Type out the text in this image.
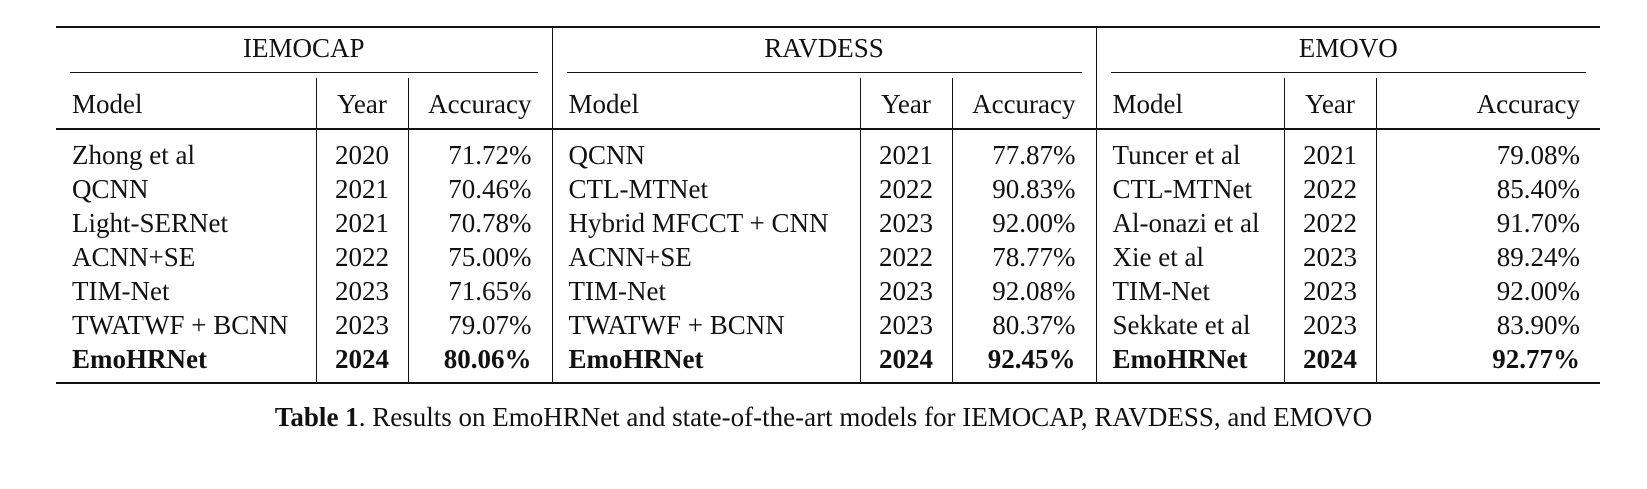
IEMOCAP			RAVDESS			EMOVO		

Model	Year	Accuracy	Model	Year	Accuracy	Model	Year	Accuracy
Zhong et al	2020	71.72%	QCNN	2021	77.87%	Tuncer et al	2021	79.08%
QCNN	2021	70.46%	CTL-MTNet	2022	90.83%	CTL-MTNet	2022	85.40%
Light-SERNet	2021	70.78%	Hybrid MFCCT + CNN	2023	92.00%	Al-onazi et al	2022	91.70%
ACNN+SE	2022	75.00%	ACNN+SE	2022	78.77%	Xie et al	2023	89.24%
TIM-Net	2023	71.65%	TIM-Net	2023	92.08%	TIM-Net	2023	92.00%
TWATWF + BCNN	2023	79.07%	TWATWF + BCNN	2023	80.37%	Sekkate et al	2023	83.90%
EmoHRNet	2024	80.06%	EmoHRNet	2024	92.45%	EmoHRNet	2024	92.77%
Table 1. Results on EmoHRNet and state-of-the-art models for IEMOCAP, RAVDESS, and EMOVO
